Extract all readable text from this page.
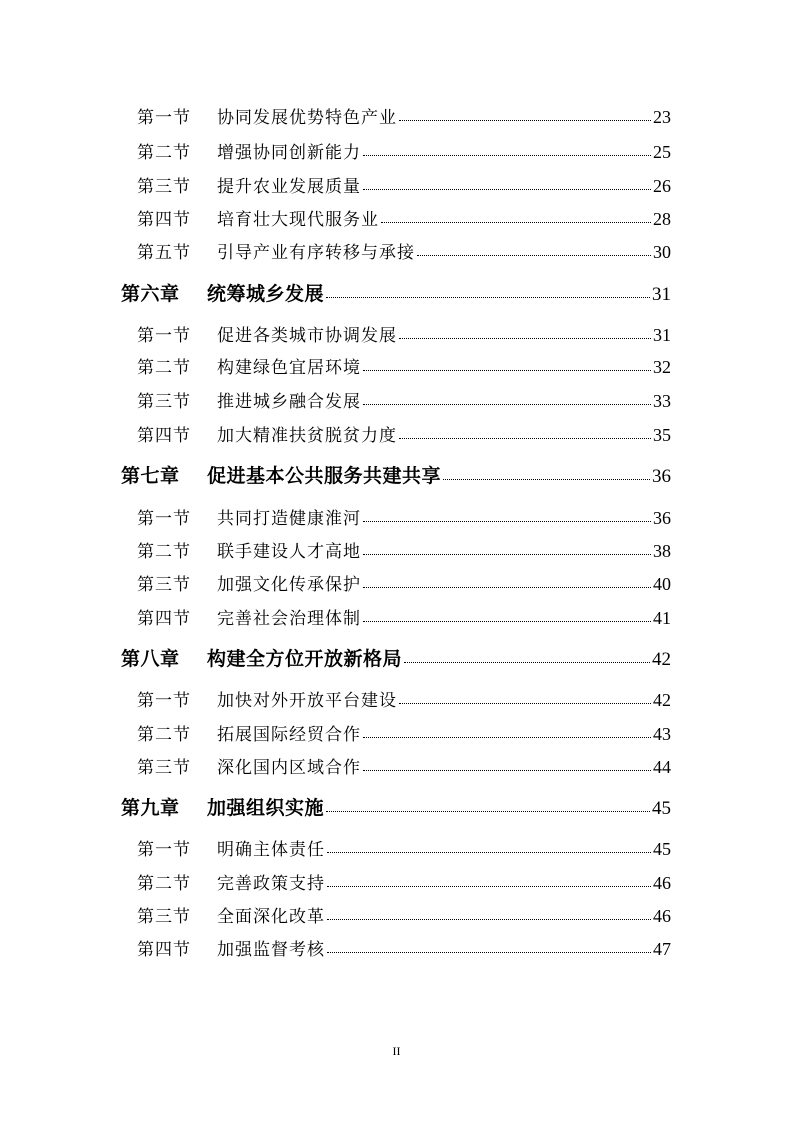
第一节	协同发展优势特色产业	23
第二节	增强协同创新能力	25
第三节	提升农业发展质量	26
第四节	培育壮大现代服务业	28
第五节	引导产业有序转移与承接	30
第六章	统筹城乡发展	31
第一节	促进各类城市协调发展	31
第二节	构建绿色宜居环境	32
第三节	推进城乡融合发展	33
第四节	加大精准扶贫脱贫力度	35
第七章	促进基本公共服务共建共享	36
第一节	共同打造健康淮河	36
第二节	联手建设人才高地	38
第三节	加强文化传承保护	40
第四节	完善社会治理体制	41
第八章	构建全方位开放新格局	42
第一节	加快对外开放平台建设	42
第二节	拓展国际经贸合作	43
第三节	深化国内区域合作	44
第九章	加强组织实施	45
第一节	明确主体责任	45
第二节	完善政策支持	46
第三节	全面深化改革	46
第四节	加强监督考核	47
II
